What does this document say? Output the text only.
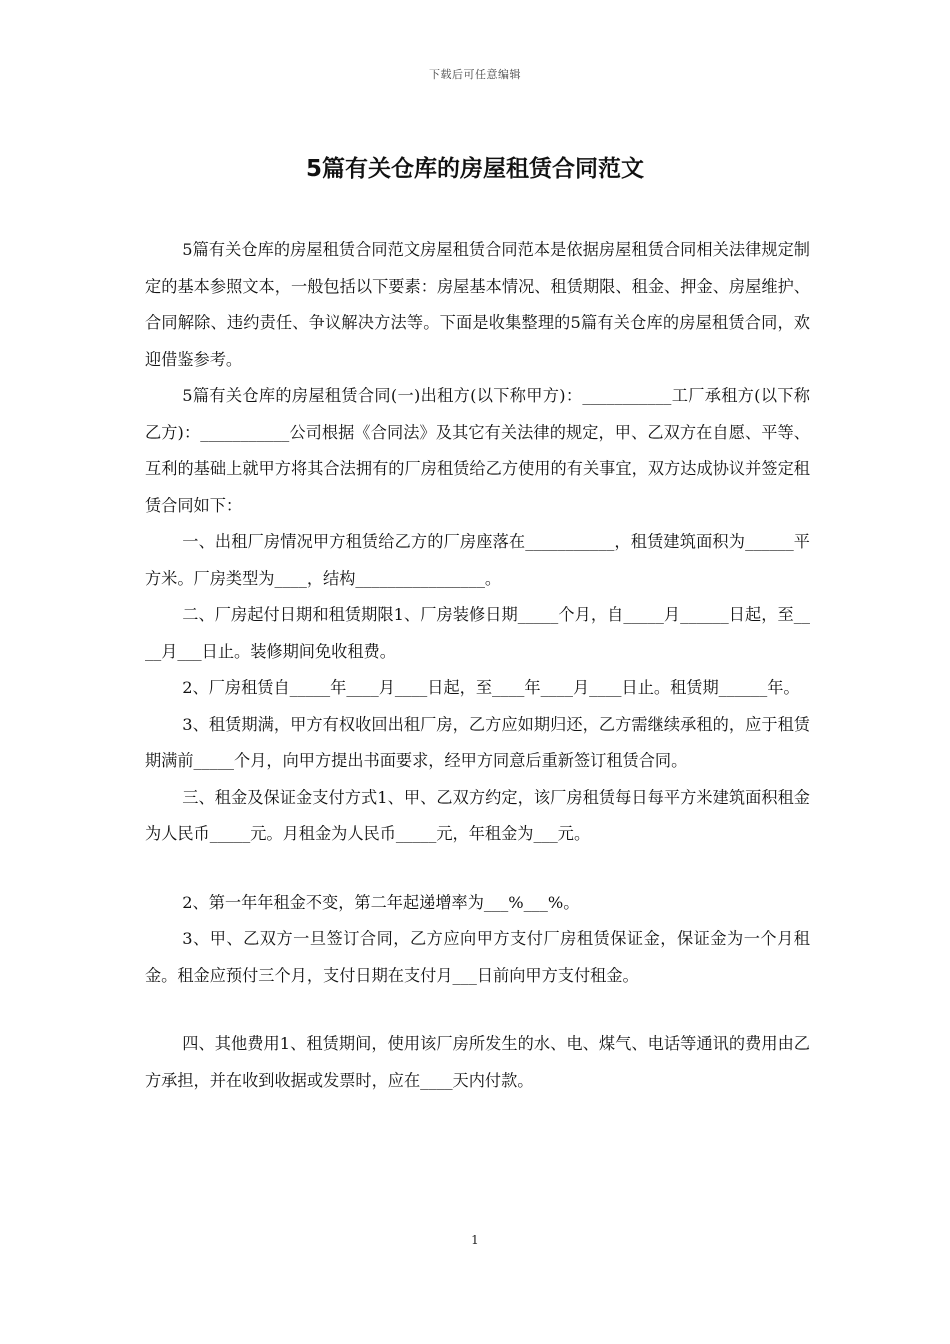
下载后可任意编辑
5篇有关仓库的房屋租赁合同范文

5篇有关仓库的房屋租赁合同范文房屋租赁合同范本是依据房屋租赁合同相关法律规定制定的基本参照文本，一般包括以下要素：房屋基本情况、租赁期限、租金、押金、房屋维护、合同解除、违约责任、争议解决方法等。下面是收集整理的5篇有关仓库的房屋租赁合同，欢迎借鉴参考。

5篇有关仓库的房屋租赁合同(一)出租方(以下称甲方)：___________工厂承租方(以下称乙方)：___________公司根据《合同法》及其它有关法律的规定，甲、乙双方在自愿、平等、互利的基础上就甲方将其合法拥有的厂房租赁给乙方使用的有关事宜，双方达成协议并签定租赁合同如下：

一、出租厂房情况甲方租赁给乙方的厂房座落在___________，租赁建筑面积为______平方米。厂房类型为____，结构________________。

二、厂房起付日期和租赁期限1、厂房装修日期_____个月，自_____月______日起，至____月___日止。装修期间免收租费。

2、厂房租赁自_____年____月____日起，至____年____月____日止。租赁期______年。

3、租赁期满，甲方有权收回出租厂房，乙方应如期归还，乙方需继续承租的，应于租赁期满前_____个月，向甲方提出书面要求，经甲方同意后重新签订租赁合同。

三、租金及保证金支付方式1、甲、乙双方约定，该厂房租赁每日每平方米建筑面积租金为人民币_____元。月租金为人民币_____元，年租金为___元。

2、第一年年租金不变，第二年起递增率为___%___%。

3、甲、乙双方一旦签订合同，乙方应向甲方支付厂房租赁保证金，保证金为一个月租金。租金应预付三个月，支付日期在支付月___日前向甲方支付租金。

四、其他费用1、租赁期间，使用该厂房所发生的水、电、煤气、电话等通讯的费用由乙方承担，并在收到收据或发票时，应在____天内付款。

1
